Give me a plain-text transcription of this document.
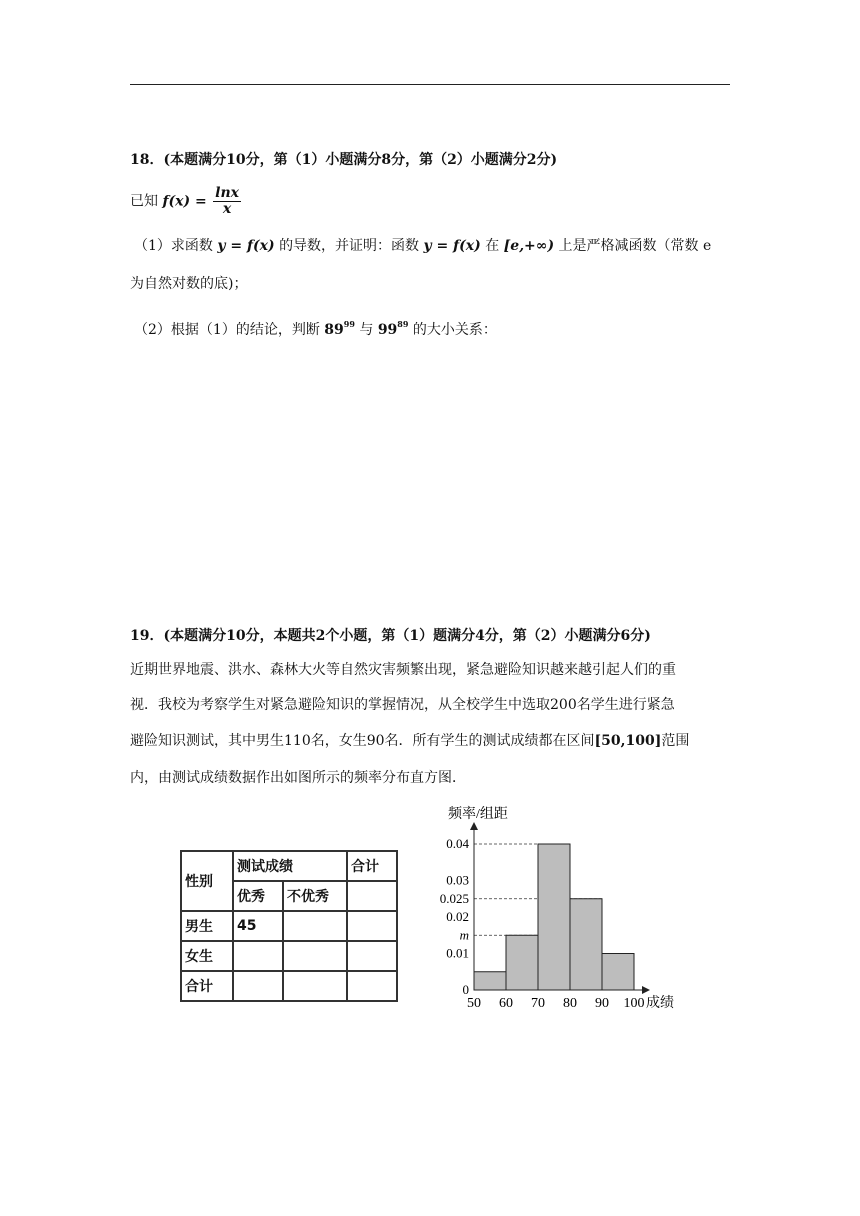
18．(本题满分10分，第（1）小题满分8分，第（2）小题满分2分)
已知 $f(x) = \frac{\ln x}{x}$
（1）求函数 y = f(x) 的导数，并证明：函数 y = f(x) 在 [e,+∞) 上是严格减函数（常数 e
为自然对数的底)；
（2）根据（1）的结论，判断 $89^{99}$ 与 $99^{89}$ 的大小关系：
19．(本题满分10分，本题共2个小题，第（1）题满分4分，第（2）小题满分6分)
近期世界地震、洪水、森林大火等自然灾害频繁出现，紧急避险知识越来越引起人们的重
视．我校为考察学生对紧急避险知识的掌握情况，从全校学生中选取200名学生进行紧急
避险知识测试，其中男生110名，女生90名．所有学生的测试成绩都在区间[50,100]范围
内，由测试成绩数据作出如图所示的频率分布直方图．
性别	测试成绩		合计
	优秀	不优秀	
男生	45		
女生			
合计			
频率/组距
成绩
50 60 70 80 90 100
0.04
0.03
0.025
0.02
m
0.01
0
